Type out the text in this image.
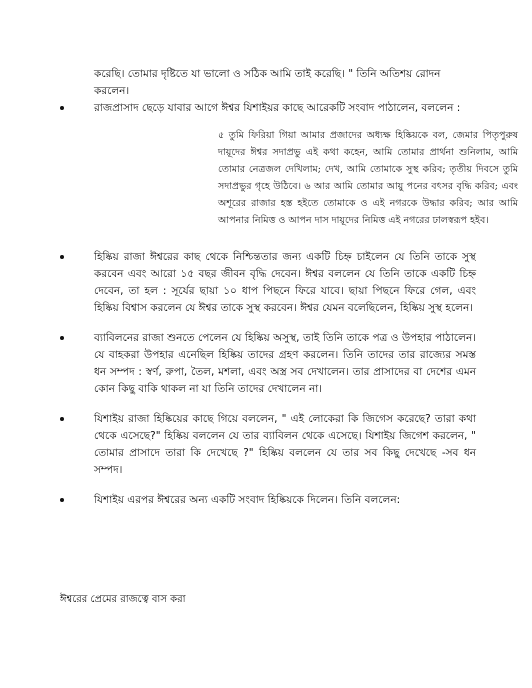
করেছি। তোমার দৃষ্টিতে যা ভালো ও সঠিক আমি তাই করেছি। " তিনি অতিশয় রোদন করলেন।

রাজপ্রাসাদ ছেড়ে যাবার আগে ঈশ্বর যিশাইয়র কাছে আরেকটি সংবাদ পাঠালেন, বললেন :
৫ তুমি ফিরিয়া গিয়া আমার প্রজাদের অধ্যক্ষ হিষ্কিয়কে বল, জেমার পিতৃপুরুষ দায়ূদের ঈশ্বর সদাপ্রভু এই কথা কহেন, আমি তোমার প্রার্থনা শুনিলাম, আমি তোমার নেত্রজল দেখিলাম; দেখ, আমি তোমাকে সুস্থ করিব; তৃতীয় দিবসে তুমি সদাপ্রভুর গৃহে উঠিবে। ৬ আর আমি তোমার আয়ু পনের বৎসর বৃদ্ধি করিব; এবং অশূরের রাজার হস্ত হইতে তোমাকে ও এই নগরকে উদ্ধার করিব; আর আমি আপনার নিমিত্ত ও আপন দাস দায়ূদের নিমিত্ত এই নগরের ঢালস্বরূপ হইব।
হিষ্কিয় রাজা ঈশ্বরের কাছ থেকে নিশ্চিন্ততার জন্য একটি চিহ্ন চাইলেন যে তিনি তাকে সুস্থ করবেন এবং আরো ১৫ বছর জীবন বৃদ্ধি দেবেন। ঈশ্বর বললেন যে তিনি তাকে একটি চিহ্ন দেবেন, তা হল : সূর্যের ছায়া ১০ ধাপ পিছনে ফিরে যাবে। ছায়া পিছনে ফিরে গেল, এবং হিষ্কিয় বিশ্বাস করলেন যে ঈশ্বর তাকে সুস্থ করবেন। ঈশ্বর যেমন বলেছিলেন, হিষ্কিয় সুস্থ হলেন।
ব্যাবিলনের রাজা শুনতে পেলেন যে হিষ্কিয় অসুস্থ, তাই তিনি তাকে পত্র ও উপহার পাঠালেন। যে বাহকরা উপহার এনেছিল হিষ্কিয় তাদের গ্রহণ করলেন। তিনি তাদের তার রাজ্যের সমস্ত ধন সম্পদ : স্বর্ণ, রুপা, তৈল, মশলা, এবং অস্ত্র সব দেখালেন। তার প্রাসাদের বা দেশের এমন কোন কিছু বাকি থাকল না যা তিনি তাদের দেখালেন না।
যিশাইয় রাজা হিষ্কিয়ের কাছে গিয়ে বললেন, " এই লোকেরা কি জিগেস করেছে? তারা কথা থেকে এসেছে?" হিষ্কিয় বললেন যে তার ব্যাবিলন থেকে এসেছে। যিশাইয় জিগেশ করলেন, " তোমার প্রাসাদে তারা কি দেখেছে ?" হিষ্কিয় বললেন যে তার সব কিছু দেখেছে -সব ধন সম্পদ।
যিশাইয় এরপর ঈশ্বরের অন্য একটি সংবাদ হিষ্কিয়কে দিলেন। তিনি বললেন:

ঈশ্বরের প্রেমের রাজত্বে বাস করা
